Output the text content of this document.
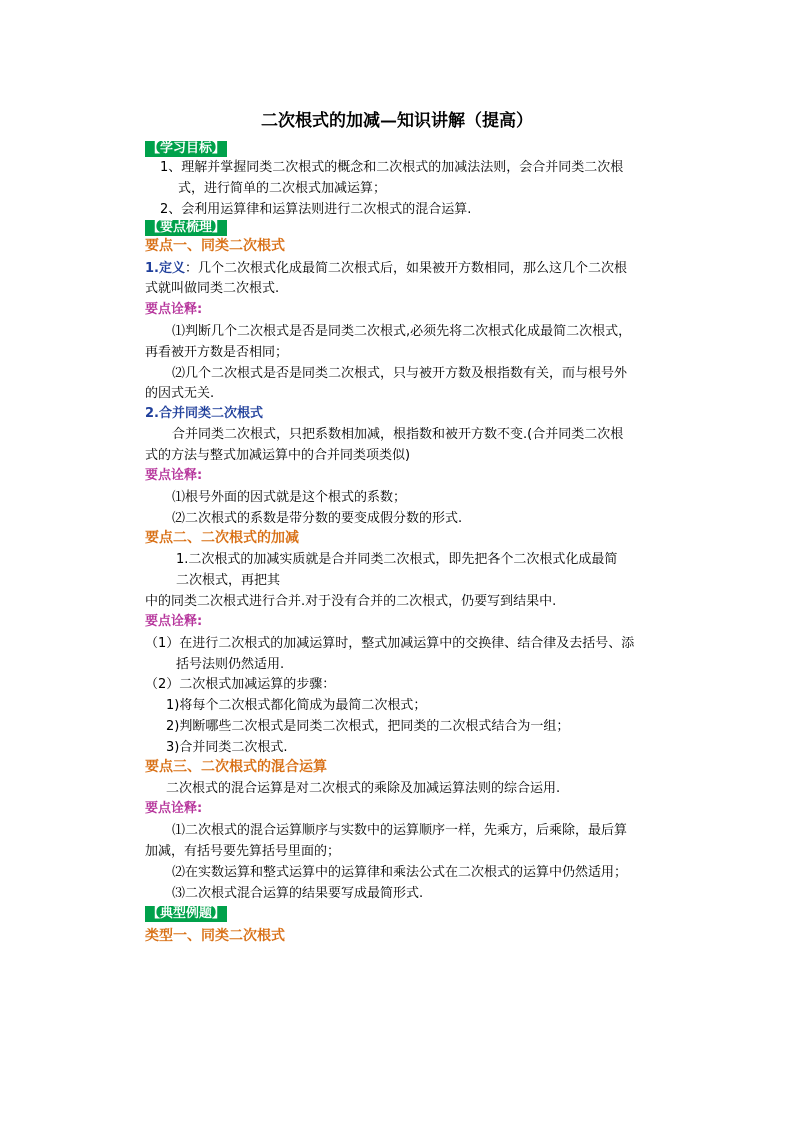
二次根式的加减—知识讲解（提高）
【学习目标】
1、理解并掌握同类二次根式的概念和二次根式的加减法法则，会合并同类二次根
式，进行简单的二次根式加减运算；
2、会利用运算律和运算法则进行二次根式的混合运算.
【要点梳理】
要点一、同类二次根式
1.定义：几个二次根式化成最简二次根式后，如果被开方数相同，那么这几个二次根
式就叫做同类二次根式.
要点诠释:
⑴判断几个二次根式是否是同类二次根式,必须先将二次根式化成最简二次根式，
再看被开方数是否相同；
⑵几个二次根式是否是同类二次根式，只与被开方数及根指数有关，而与根号外
的因式无关.
2.合并同类二次根式
合并同类二次根式，只把系数相加减，根指数和被开方数不变.(合并同类二次根
式的方法与整式加减运算中的合并同类项类似)
要点诠释:
⑴根号外面的因式就是这个根式的系数；
⑵二次根式的系数是带分数的要变成假分数的形式.
要点二、二次根式的加减
1.二次根式的加减实质就是合并同类二次根式，即先把各个二次根式化成最简
二次根式，再把其
中的同类二次根式进行合并.对于没有合并的二次根式，仍要写到结果中.
要点诠释:
（1）在进行二次根式的加减运算时，整式加减运算中的交换律、结合律及去括号、添
括号法则仍然适用.
（2）二次根式加减运算的步骤：
1)将每个二次根式都化简成为最简二次根式；
2)判断哪些二次根式是同类二次根式，把同类的二次根式结合为一组；
3)合并同类二次根式.
要点三、二次根式的混合运算
二次根式的混合运算是对二次根式的乘除及加减运算法则的综合运用.
要点诠释:
⑴二次根式的混合运算顺序与实数中的运算顺序一样，先乘方，后乘除，最后算
加减，有括号要先算括号里面的；
⑵在实数运算和整式运算中的运算律和乘法公式在二次根式的运算中仍然适用；
⑶二次根式混合运算的结果要写成最简形式.
【典型例题】
类型一、同类二次根式
